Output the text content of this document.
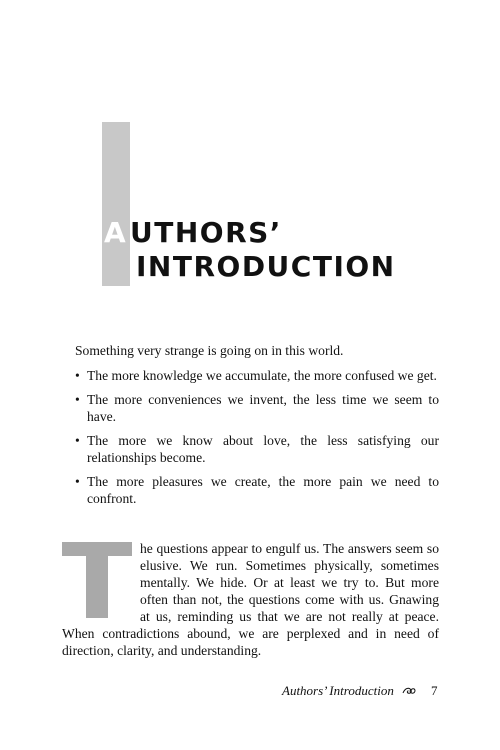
A UTHORS’
INTRODUCTION

Something very strange is going on in this world.

• The more knowledge we accumulate, the more confused we get.
• The more conveniences we invent, the less time we seem to have.
• The more we know about love, the less satisfying our relationships become.
• The more pleasures we create, the more pain we need to confront.

he questions appear to engulf us. The answers seem so elusive. We run. Sometimes physically, sometimes mentally. We hide. Or at least we try to. But more often than not, the questions come with us. Gnawing at us, reminding us that we are not really at peace. When contradictions abound, we are perplexed and in need of direction, clarity, and understanding.

Authors’ Introduction	7
